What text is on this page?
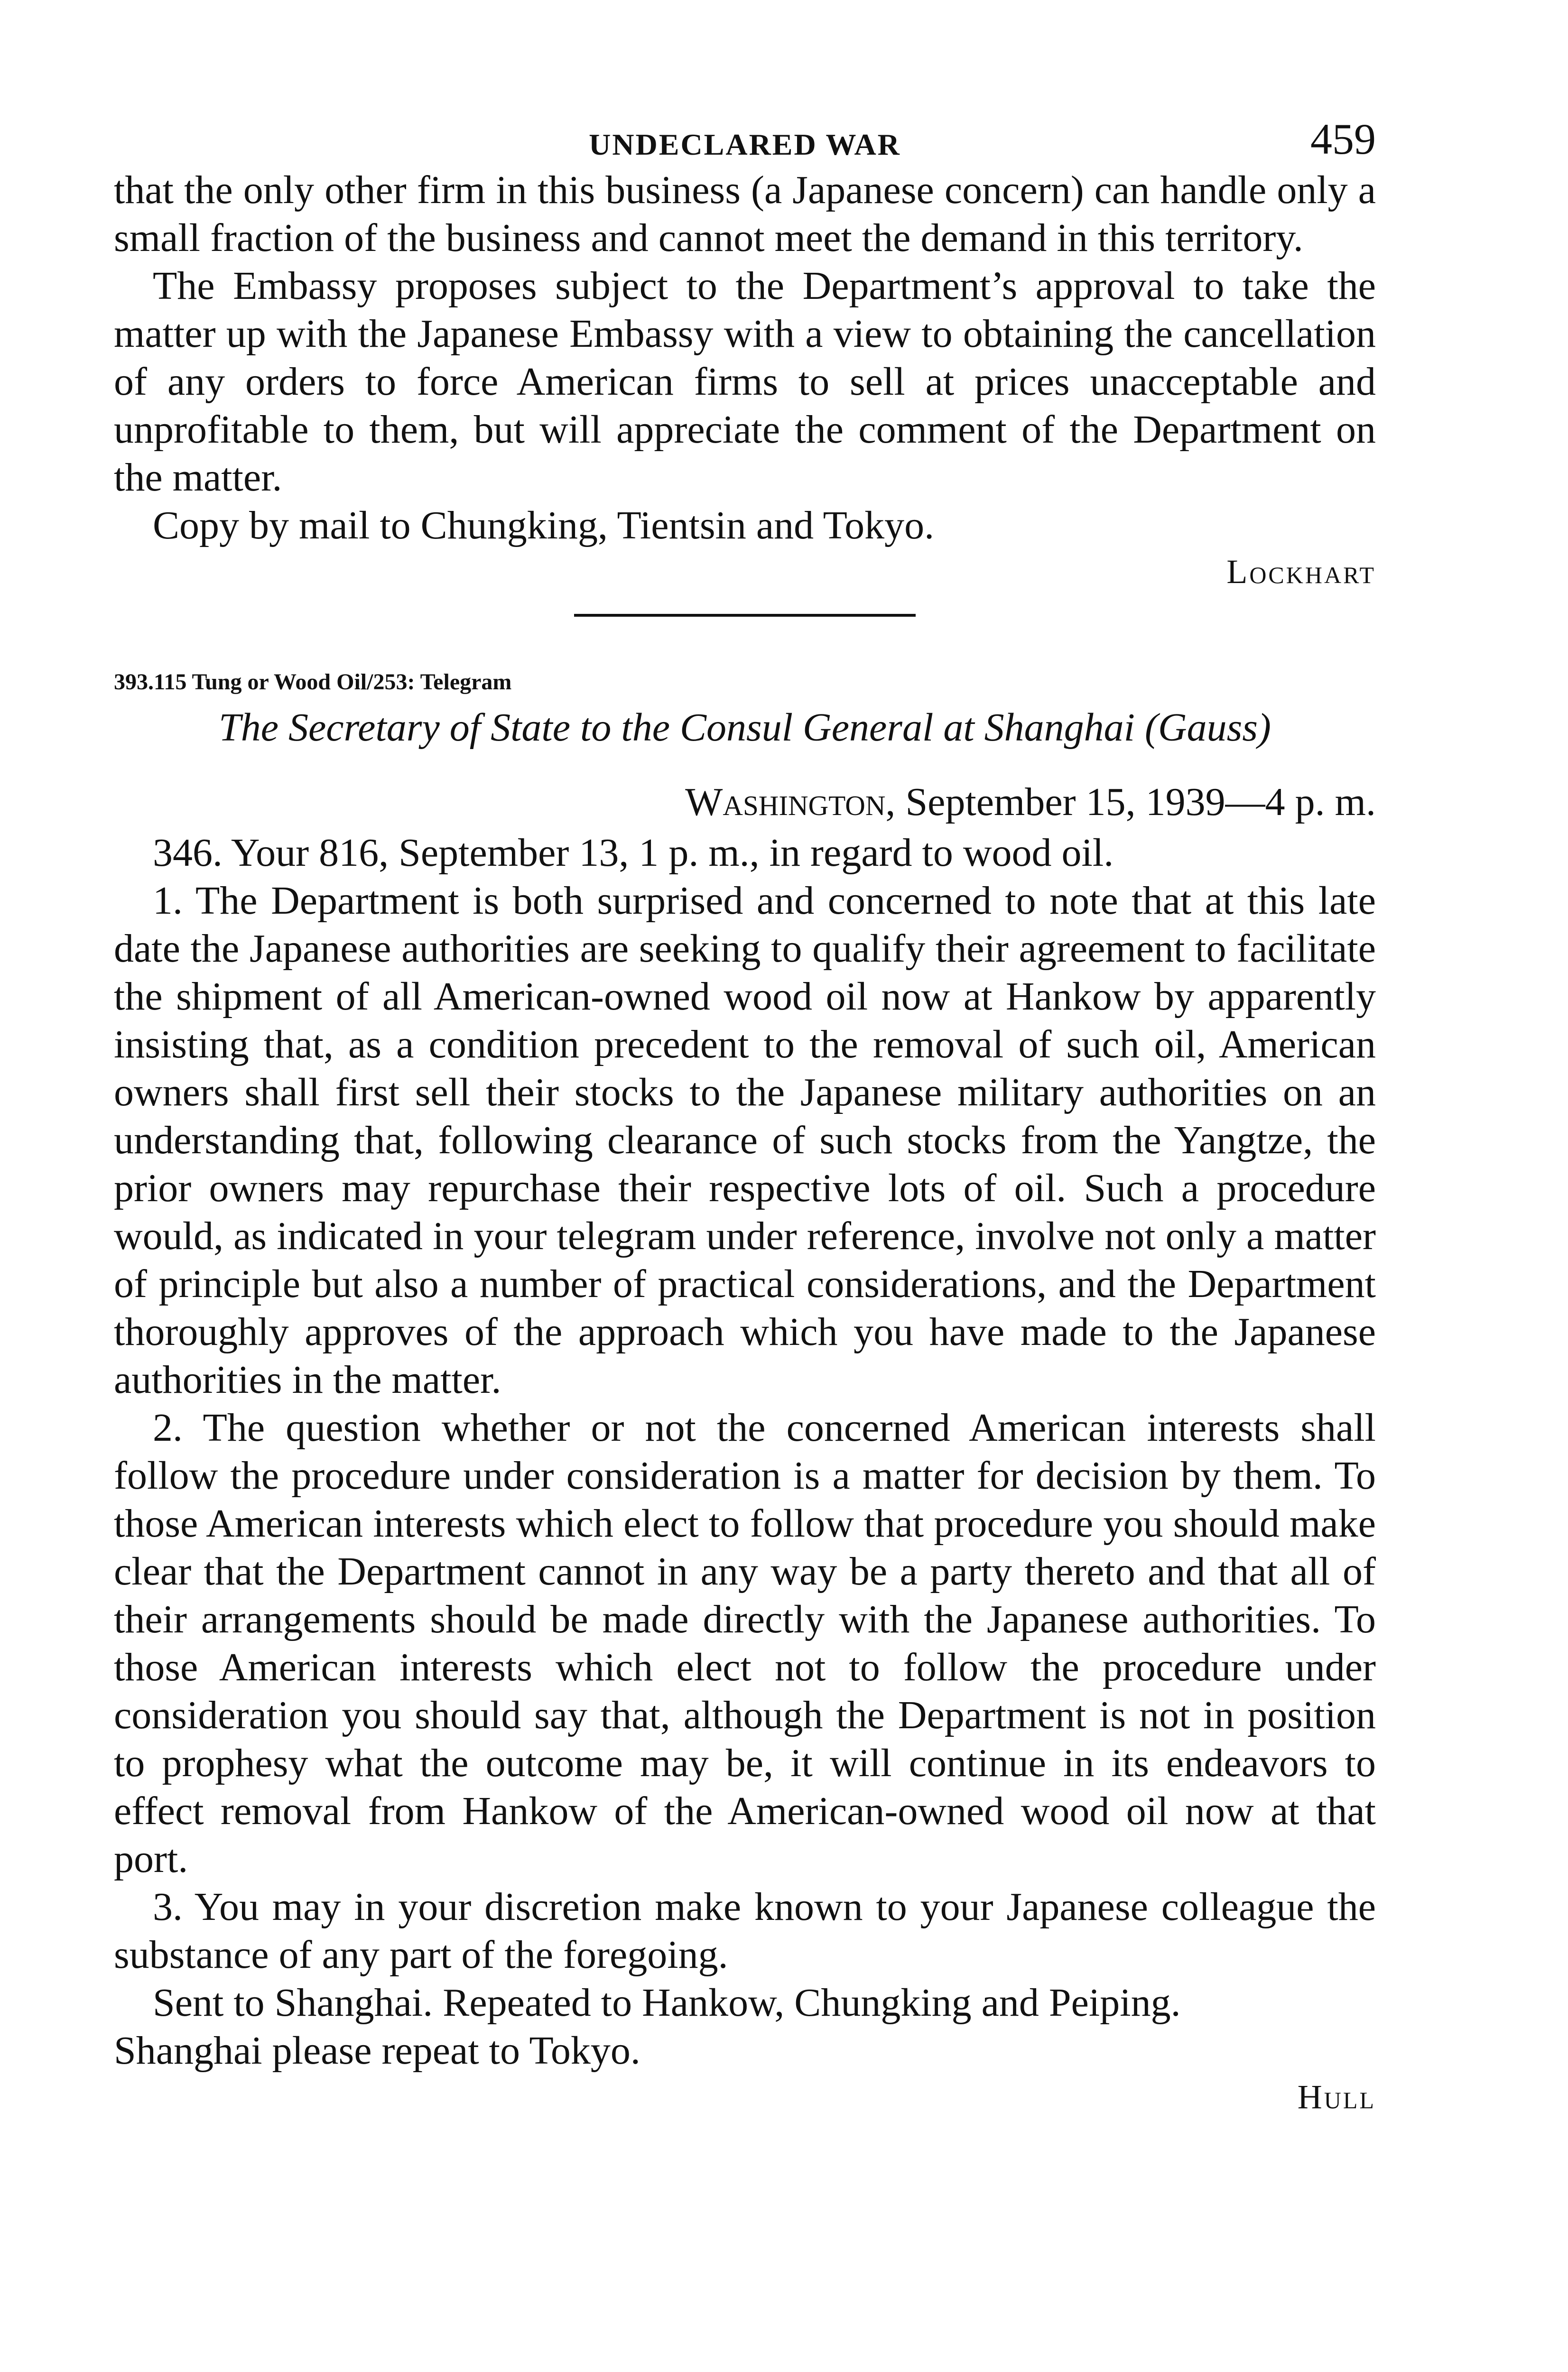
UNDECLARED WAR	459

that the only other firm in this business (a Japanese concern) can handle only a small fraction of the business and cannot meet the demand in this territory.

The Embassy proposes subject to the Department’s approval to take the matter up with the Japanese Embassy with a view to obtaining the cancellation of any orders to force American firms to sell at prices unacceptable and unprofitable to them, but will appreciate the comment of the Department on the matter.

Copy by mail to Chungking, Tientsin and Tokyo.

Lockhart
393.115 Tung or Wood Oil/253: Telegram
The Secretary of State to the Consul General at Shanghai (Gauss)
Washington, September 15, 1939—4 p. m.

346. Your 816, September 13, 1 p. m., in regard to wood oil.

1. The Department is both surprised and concerned to note that at this late date the Japanese authorities are seeking to qualify their agreement to facilitate the shipment of all American-owned wood oil now at Hankow by apparently insisting that, as a condition precedent to the removal of such oil, American owners shall first sell their stocks to the Japanese military authorities on an understanding that, following clearance of such stocks from the Yangtze, the prior owners may repurchase their respective lots of oil. Such a procedure would, as indicated in your telegram under reference, involve not only a matter of principle but also a number of practical considerations, and the Department thoroughly approves of the approach which you have made to the Japanese authorities in the matter.

2. The question whether or not the concerned American interests shall follow the procedure under consideration is a matter for decision by them. To those American interests which elect to follow that procedure you should make clear that the Department cannot in any way be a party thereto and that all of their arrangements should be made directly with the Japanese authorities. To those American interests which elect not to follow the procedure under consideration you should say that, although the Department is not in position to prophesy what the outcome may be, it will continue in its endeavors to effect removal from Hankow of the American-owned wood oil now at that port.

3. You may in your discretion make known to your Japanese colleague the substance of any part of the foregoing.

Sent to Shanghai. Repeated to Hankow, Chungking and Peiping.
Shanghai please repeat to Tokyo.
Hull
